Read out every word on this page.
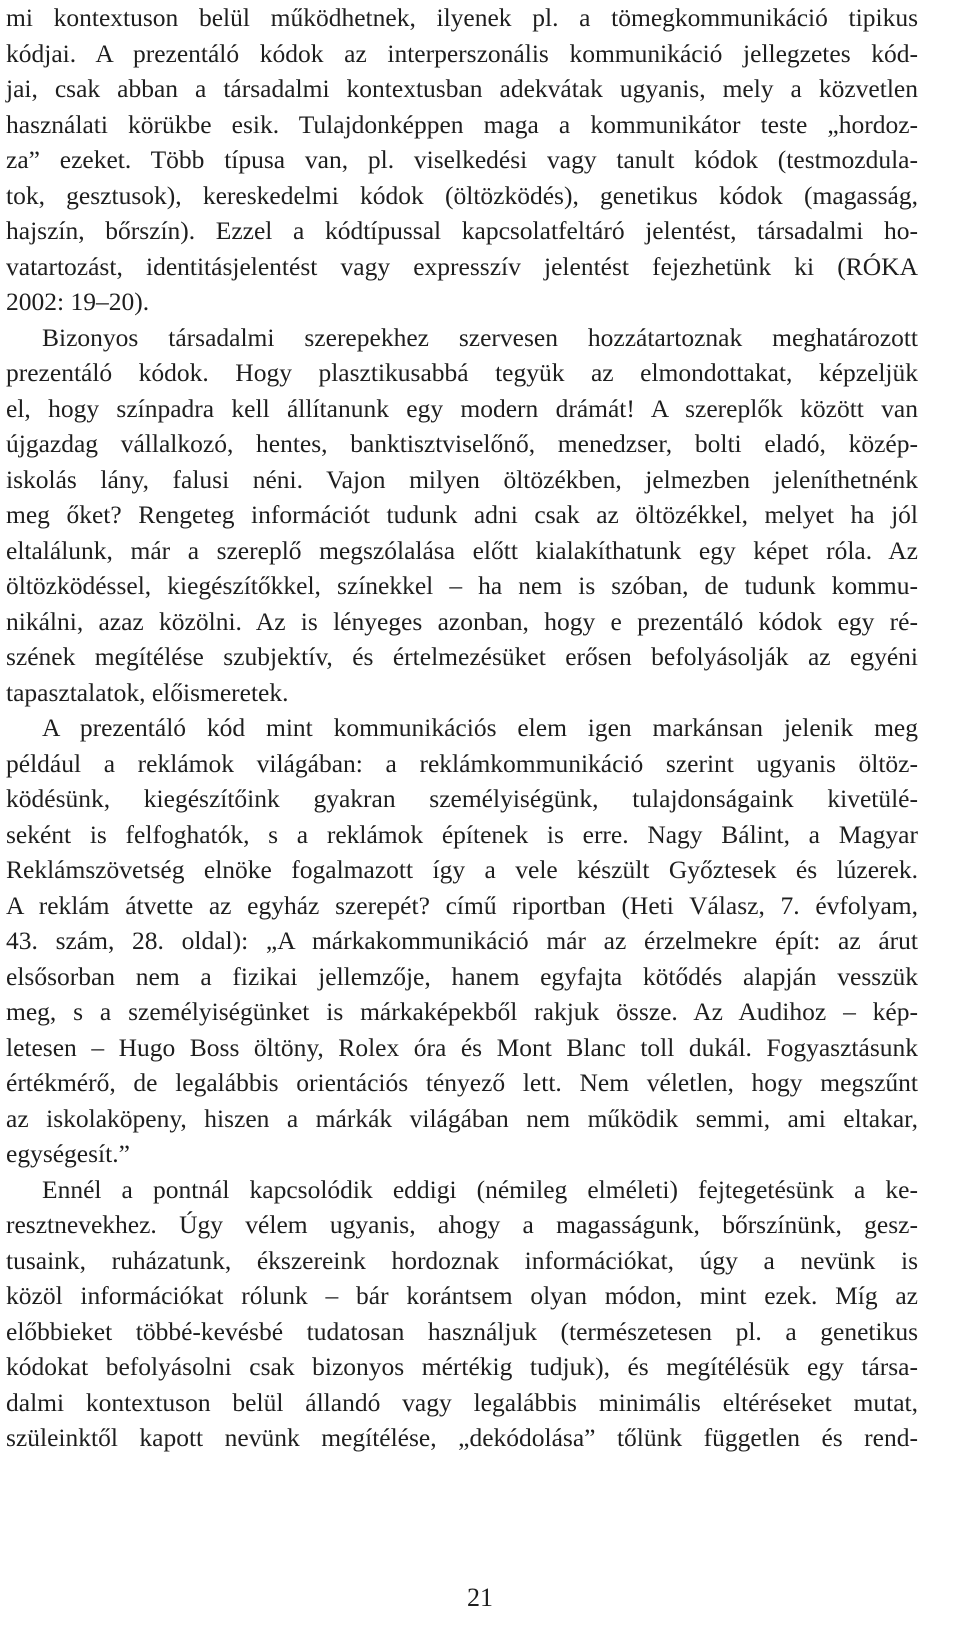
mi kontextuson belül működhetnek, ilyenek pl. a tömegkommunikáció tipikus
kódjai. A prezentáló kódok az interperszonális kommunikáció jellegzetes kód-
jai, csak abban a társadalmi kontextusban adekvátak ugyanis, mely a közvetlen
használati körükbe esik. Tulajdonképpen maga a kommunikátor teste „hordoz-
za” ezeket. Több típusa van, pl. viselkedési vagy tanult kódok (testmozdula-
tok, gesztusok), kereskedelmi kódok (öltözködés), genetikus kódok (magasság,
hajszín, bőrszín). Ezzel a kódtípussal kapcsolatfeltáró jelentést, társadalmi ho-
vatartozást, identitásjelentést vagy expresszív jelentést fejezhetünk ki (RÓKA
2002: 19–20).

Bizonyos társadalmi szerepekhez szervesen hozzátartoznak meghatározott
prezentáló kódok. Hogy plasztikusabbá tegyük az elmondottakat, képzeljük
el, hogy színpadra kell állítanunk egy modern drámát! A szereplők között van
újgazdag vállalkozó, hentes, banktisztviselőnő, menedzser, bolti eladó, közép-
iskolás lány, falusi néni. Vajon milyen öltözékben, jelmezben jeleníthetnénk
meg őket? Rengeteg információt tudunk adni csak az öltözékkel, melyet ha jól
eltalálunk, már a szereplő megszólalása előtt kialakíthatunk egy képet róla. Az
öltözködéssel, kiegészítőkkel, színekkel – ha nem is szóban, de tudunk kommu-
nikálni, azaz közölni. Az is lényeges azonban, hogy e prezentáló kódok egy ré-
szének megítélése szubjektív, és értelmezésüket erősen befolyásolják az egyéni
tapasztalatok, előismeretek.

A prezentáló kód mint kommunikációs elem igen markánsan jelenik meg
például a reklámok világában: a reklámkommunikáció szerint ugyanis öltöz-
ködésünk, kiegészítőink gyakran személyiségünk, tulajdonságaink kivetülé-
seként is felfoghatók, s a reklámok építenek is erre. Nagy Bálint, a Magyar
Reklámszövetség elnöke fogalmazott így a vele készült Győztesek és lúzerek.
A reklám átvette az egyház szerepét? című riportban (Heti Válasz, 7. évfolyam,
43. szám, 28. oldal): „A márkakommunikáció már az érzelmekre épít: az árut
elsősorban nem a fizikai jellemzője, hanem egyfajta kötődés alapján vesszük
meg, s a személyiségünket is márkaképekből rakjuk össze. Az Audihoz – kép-
letesen – Hugo Boss öltöny, Rolex óra és Mont Blanc toll dukál. Fogyasztásunk
értékmérő, de legalábbis orientációs tényező lett. Nem véletlen, hogy megszűnt
az iskolaköpeny, hiszen a márkák világában nem működik semmi, ami eltakar,
egységesít.”

Ennél a pontnál kapcsolódik eddigi (némileg elméleti) fejtegetésünk a ke-
resztnevekhez. Úgy vélem ugyanis, ahogy a magasságunk, bőrszínünk, gesz-
tusaink, ruházatunk, ékszereink hordoznak információkat, úgy a nevünk is
közöl információkat rólunk – bár korántsem olyan módon, mint ezek. Míg az
előbbieket többé-kevésbé tudatosan használjuk (természetesen pl. a genetikus
kódokat befolyásolni csak bizonyos mértékig tudjuk), és megítélésük egy társa-
dalmi kontextuson belül állandó vagy legalábbis minimális eltéréseket mutat,
szüleinktől kapott nevünk megítélése, „dekódolása” tőlünk független és rend-

21
